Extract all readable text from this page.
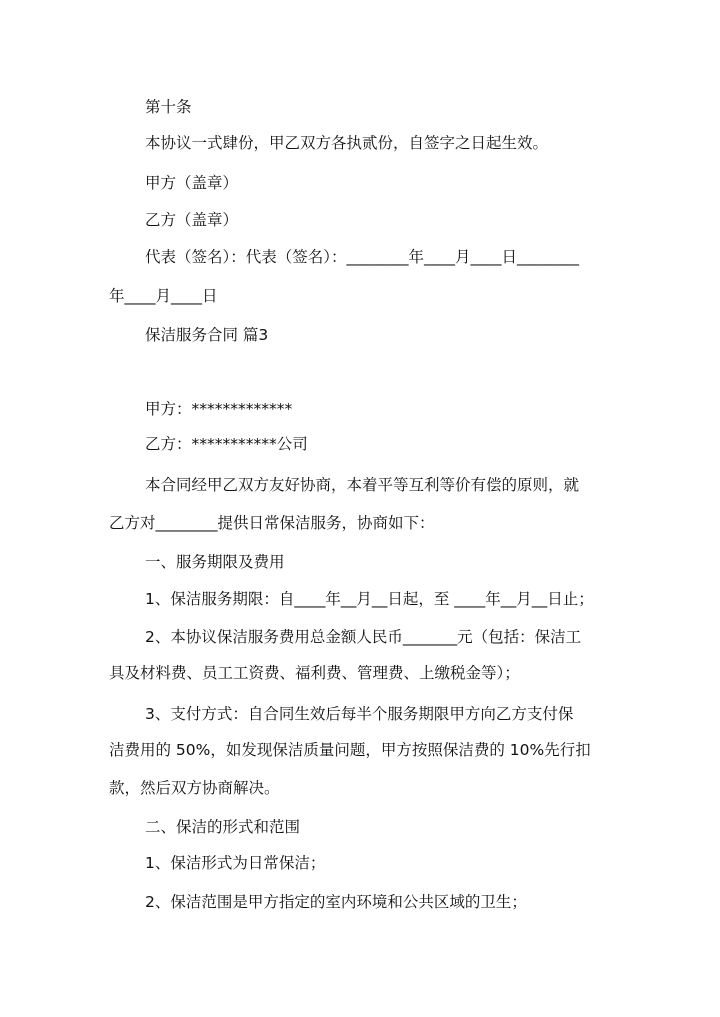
第十条
本协议一式肆份，甲乙双方各执贰份，自签字之日起生效。
甲方（盖章）
乙方（盖章）
代表（签名）：代表（签名）：________年____月____日________
年____月____日
保洁服务合同 篇3
甲方：*************
乙方：***********公司
本合同经甲乙双方友好协商，本着平等互利等价有偿的原则，就
乙方对________提供日常保洁服务，协商如下：
一、服务期限及费用
1、保洁服务期限：自____年__月__日起，至 ____年__月__日止；
2、本协议保洁服务费用总金额人民币_______元（包括：保洁工
具及材料费、员工工资费、福利费、管理费、上缴税金等）；
3、支付方式：自合同生效后每半个服务期限甲方向乙方支付保
洁费用的 50%，如发现保洁质量问题，甲方按照保洁费的 10%先行扣
款，然后双方协商解决。
二、保洁的形式和范围
1、保洁形式为日常保洁；
2、保洁范围是甲方指定的室内环境和公共区域的卫生；
